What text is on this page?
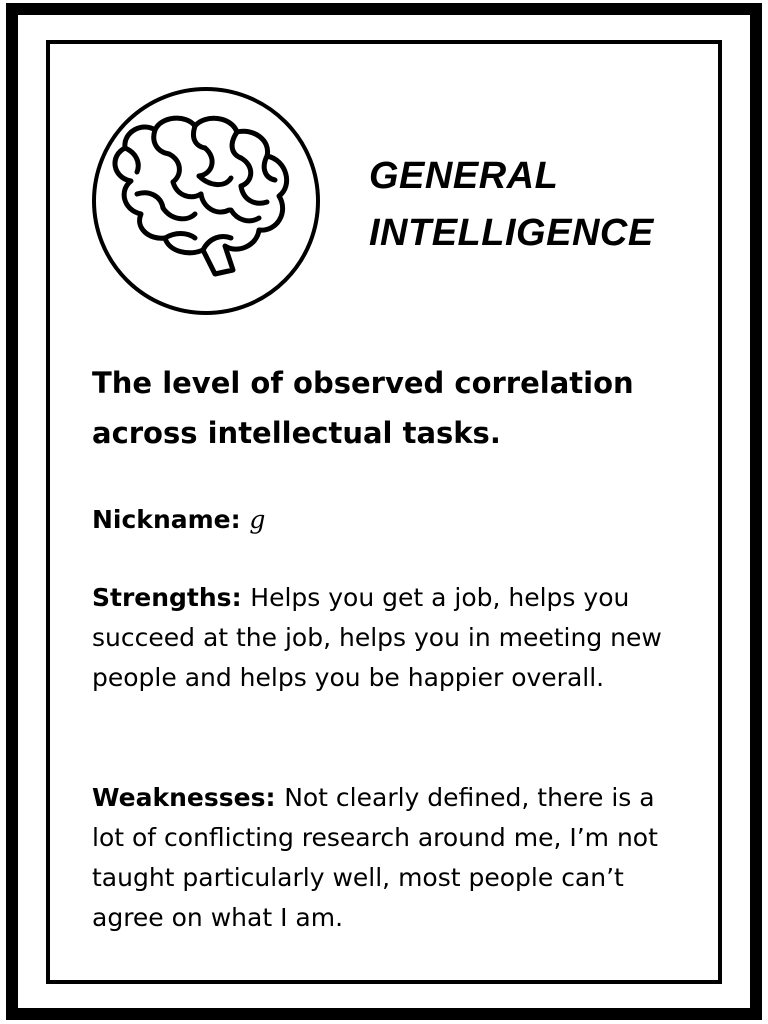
GENERAL
INTELLIGENCE
The level of observed correlation
across intellectual tasks.
Nickname: g
Strengths: Helps you get a job, helps you succeed at the job, helps you in meeting new people and helps you be happier overall.
Weaknesses: Not clearly defined, there is a lot of conflicting research around me, I’m not taught particularly well, most people can’t agree on what I am.
